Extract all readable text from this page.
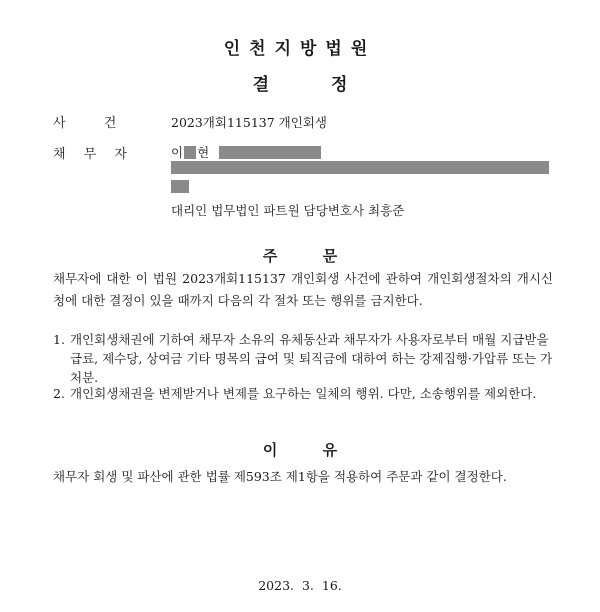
인천지방법원
결 정
사 건	2023개회115137 개인회생
채 무 자	이 현
대리인 법무법인 파트원 담당변호사 최흥준
주 문
채무자에 대한 이 법원 2023개회115137 개인회생 사건에 관하여 개인회생절차의 개시신청에 대한 결정이 있을 때까지 다음의 각 절차 또는 행위를 금지한다.
1. 개인회생채권에 기하여 채무자 소유의 유체동산과 채무자가 사용자로부터 매월 지급받을 급료, 제수당, 상여금 기타 명목의 급여 및 퇴직금에 대하여 하는 강제집행·가압류 또는 가처분.
2. 개인회생채권을 변제받거나 변제를 요구하는 일체의 행위. 다만, 소송행위를 제외한다.
이 유
채무자 회생 및 파산에 관한 법률 제593조 제1항을 적용하여 주문과 같이 결정한다.
2023. 3. 16.
